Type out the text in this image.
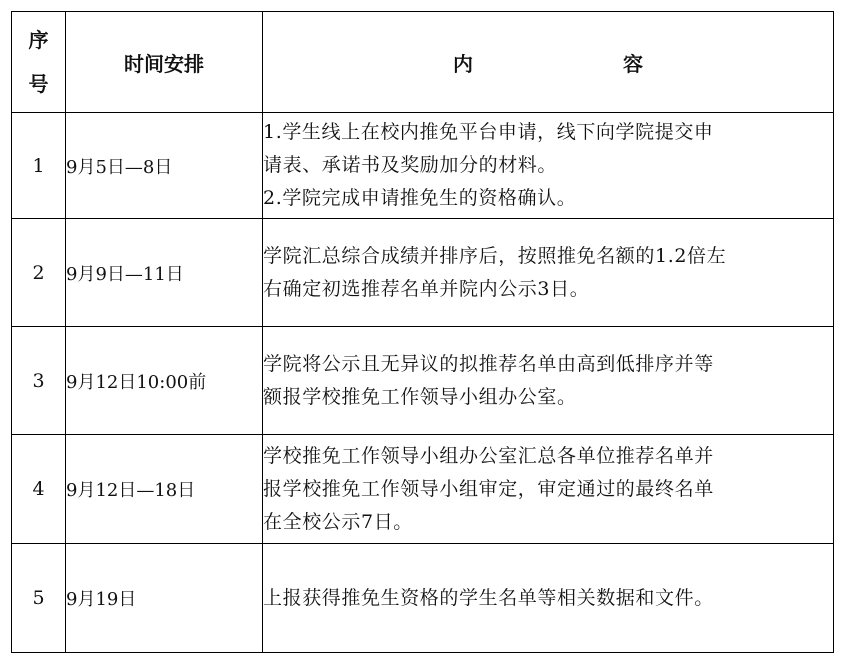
序
号	时间安排	内 容
1	9月5日—8日	1.学生线上在校内推免平台申请，线下向学院提交申
请表、承诺书及奖励加分的材料。
2.学院完成申请推免生的资格确认。

2	9月9日—11日	学院汇总综合成绩并排序后，按照推免名额的1.2倍左
右确定初选推荐名单并院内公示3日。

3	9月12日10:00前	学院将公示且无异议的拟推荐名单由高到低排序并等
额报学校推免工作领导小组办公室。

4	9月12日—18日	学校推免工作领导小组办公室汇总各单位推荐名单并
报学校推免工作领导小组审定，审定通过的最终名单
在全校公示7日。

5	9月19日	上报获得推免生资格的学生名单等相关数据和文件。
